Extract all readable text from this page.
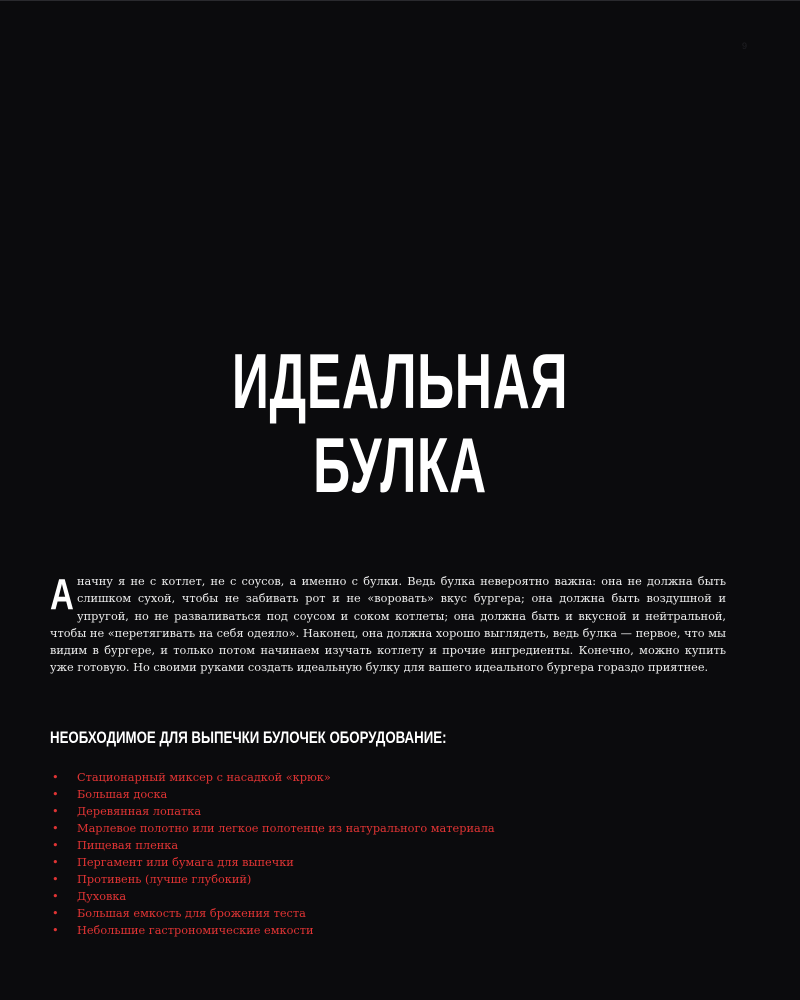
9
ИДЕАЛЬНАЯ
БУЛКА
А начну я не с котлет, не с соусов, а именно с булки. Ведь булка невероятно важна: она не должна быть слишком сухой, чтобы не забивать рот и не «воровать» вкус бургера; она должна быть воздушной и упругой, но не разваливаться под соусом и соком котлеты; она должна быть и вкусной и нейтральной, чтобы не «перетягивать на себя одеяло». Наконец, она должна хорошо выглядеть, ведь булка — первое, что мы видим в бургере, и только потом начинаем изучать котлету и прочие ингредиенты. Конечно, можно купить уже готовую. Но своими руками создать идеальную булку для вашего идеального бургера гораздо приятнее.
НЕОБХОДИМОЕ ДЛЯ ВЫПЕЧКИ БУЛОЧЕК ОБОРУДОВАНИЕ:
• Стационарный миксер с насадкой «крюк»
• Большая доска
• Деревянная лопатка
• Марлевое полотно или легкое полотенце из натурального материала
• Пищевая пленка
• Пергамент или бумага для выпечки
• Противень (лучше глубокий)
• Духовка
• Большая емкость для брожения теста
• Небольшие гастрономические емкости
